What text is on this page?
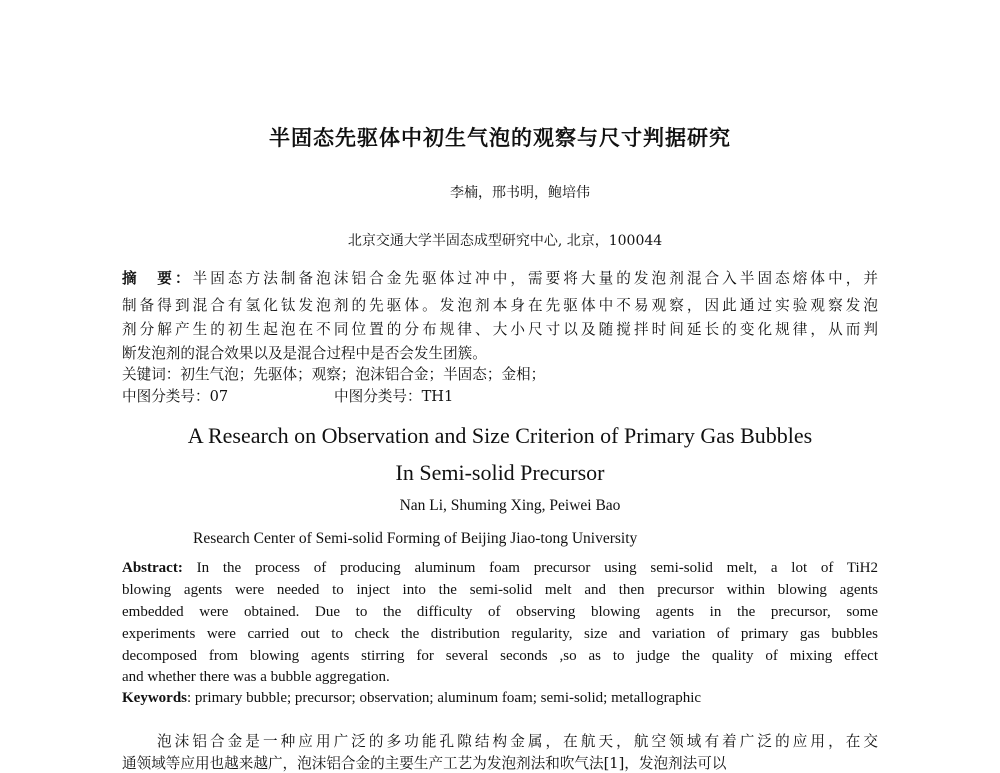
半固态先驱体中初生气泡的观察与尺寸判据研究
李楠，邢书明，鲍培伟
北京交通大学半固态成型研究中心, 北京，100044
摘　要：半固态方法制备泡沫铝合金先驱体过冲中，需要将大量的发泡剂混合入半固态熔体中，并
制备得到混合有氢化钛发泡剂的先驱体。发泡剂本身在先驱体中不易观察，因此通过实验观察发泡
剂分解产生的初生起泡在不同位置的分布规律、大小尺寸以及随搅拌时间延长的变化规律，从而判
断发泡剂的混合效果以及是混合过程中是否会发生团簇。
关键词：初生气泡；先驱体；观察；泡沫铝合金；半固态；金相；
中图分类号：07	中图分类号：TH1
A Research on Observation and Size Criterion of Primary Gas Bubbles
In Semi-solid Precursor
Nan Li, Shuming Xing, Peiwei Bao
Research Center of Semi-solid Forming of Beijing Jiao-tong University
Abstract: In the process of producing aluminum foam precursor using semi-solid melt, a lot of TiH2
blowing agents were needed to inject into the semi-solid melt and then precursor within blowing agents
embedded were obtained. Due to the difficulty of observing blowing agents in the precursor, some
experiments were carried out to check the distribution regularity, size and variation of primary gas bubbles
decomposed from blowing agents stirring for several seconds ,so as to judge the quality of mixing effect
and whether there was a bubble aggregation.
Keywords: primary bubble; precursor; observation; aluminum foam; semi-solid; metallographic
泡沫铝合金是一种应用广泛的多功能孔隙结构金属，在航天，航空领域有着广泛的应用，在交
通领域等应用也越来越广，泡沫铝合金的主要生产工艺为发泡剂法和吹气法[1]，发泡剂法可以
